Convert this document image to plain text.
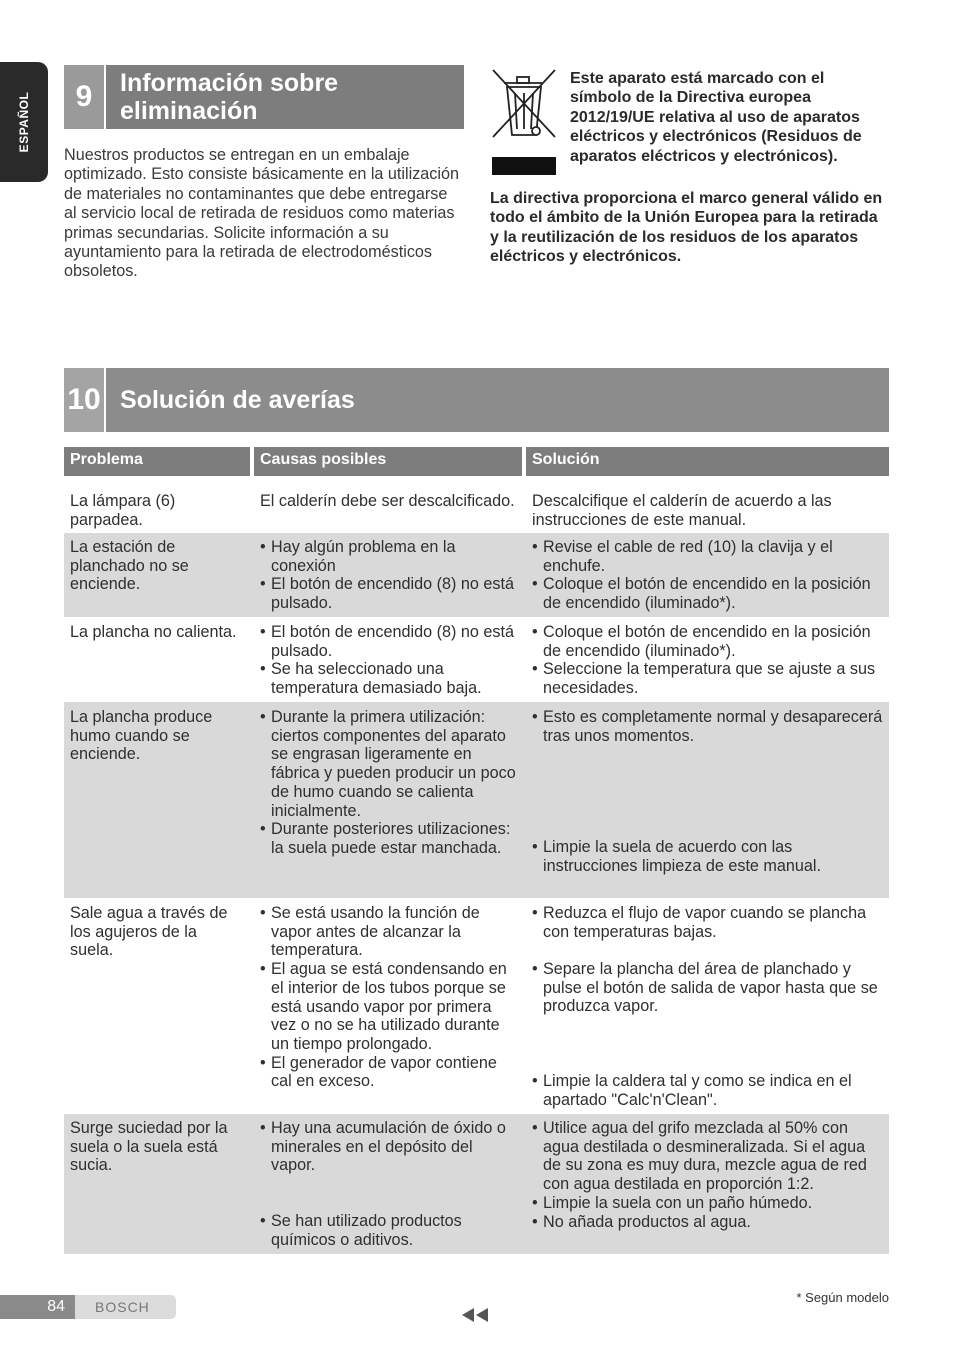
ESPAÑOL	9	Información sobre eliminación

Nuestros productos se entregan en un embalaje optimizado. Esto consiste básicamente en la utilización de materiales no contaminantes que debe entregarse al servicio local de retirada de residuos como materias primas secundarias. Solicite información a su ayuntamiento para la retirada de electrodomésticos obsoletos.

Este aparato está marcado con el símbolo de la Directiva europea 2012/19/UE relativa al uso de aparatos eléctricos y electrónicos (Residuos de aparatos eléctricos y electrónicos).

La directiva proporciona el marco general válido en todo el ámbito de la Unión Europea para la retirada y la reutilización de los residuos de los aparatos eléctricos y electrónicos.

10 Solución de averías
Problema	Causas posibles	Solución
La lámpara (6) parpadea.
El calderín debe ser descalcificado.	Descalcifique el calderín de acuerdo a las instrucciones de este manual.
La estación de planchado no se enciende.
• Hay algún problema en la conexión
• El botón de encendido (8) no está pulsado.
• Revise el cable de red (10) la clavija y el enchufe.
• Coloque el botón de encendido en la posición de encendido (iluminado*).
La plancha no calienta.
•	El botón de encendido (8) no está pulsado.
• Se ha seleccionado una temperatura demasiado baja.
• Coloque el botón de encendido en la posición de encendido (iluminado*).
• Seleccione la temperatura que se ajuste a sus necesidades.
La plancha produce humo cuando se enciende.
• Durante la primera utilización: ciertos componentes del aparato se engrasan ligeramente en fábrica y pueden producir un poco de humo cuando se calienta inicialmente.
• Durante posteriores utilizaciones: la suela puede estar manchada.
• Esto es completamente normal y desaparecerá tras unos momentos.
• Limpie la suela de acuerdo con las instrucciones limpieza de este manual.
Sale agua a través de los agujeros de la suela.
• Se está usando la función de vapor antes de alcanzar la temperatura.
• El agua se está condensando en el interior de los tubos porque se está usando vapor por primera vez o no se ha utilizado durante un tiempo prolongado.
• El generador de vapor contiene cal en exceso.
• Reduzca el flujo de vapor cuando se plancha con temperaturas bajas.
• Separe la plancha del área de planchado y pulse el botón de salida de vapor hasta que se produzca vapor.
• Limpie la caldera tal y como se indica en el apartado "Calc'n'Clean".
Surge suciedad por la suela o la suela está sucia.
• Hay una acumulación de óxido o minerales en el depósito del vapor.
• Se han utilizado productos químicos o aditivos.
• Utilice agua del grifo mezclada al 50% con agua destilada o desmineralizada. Si el agua de su zona es muy dura, mezcle agua de red con agua destilada en proporción 1:2.
• Limpie la suela con un paño húmedo.
• No añada productos al agua.
84	BOSCH
* Según modelo
